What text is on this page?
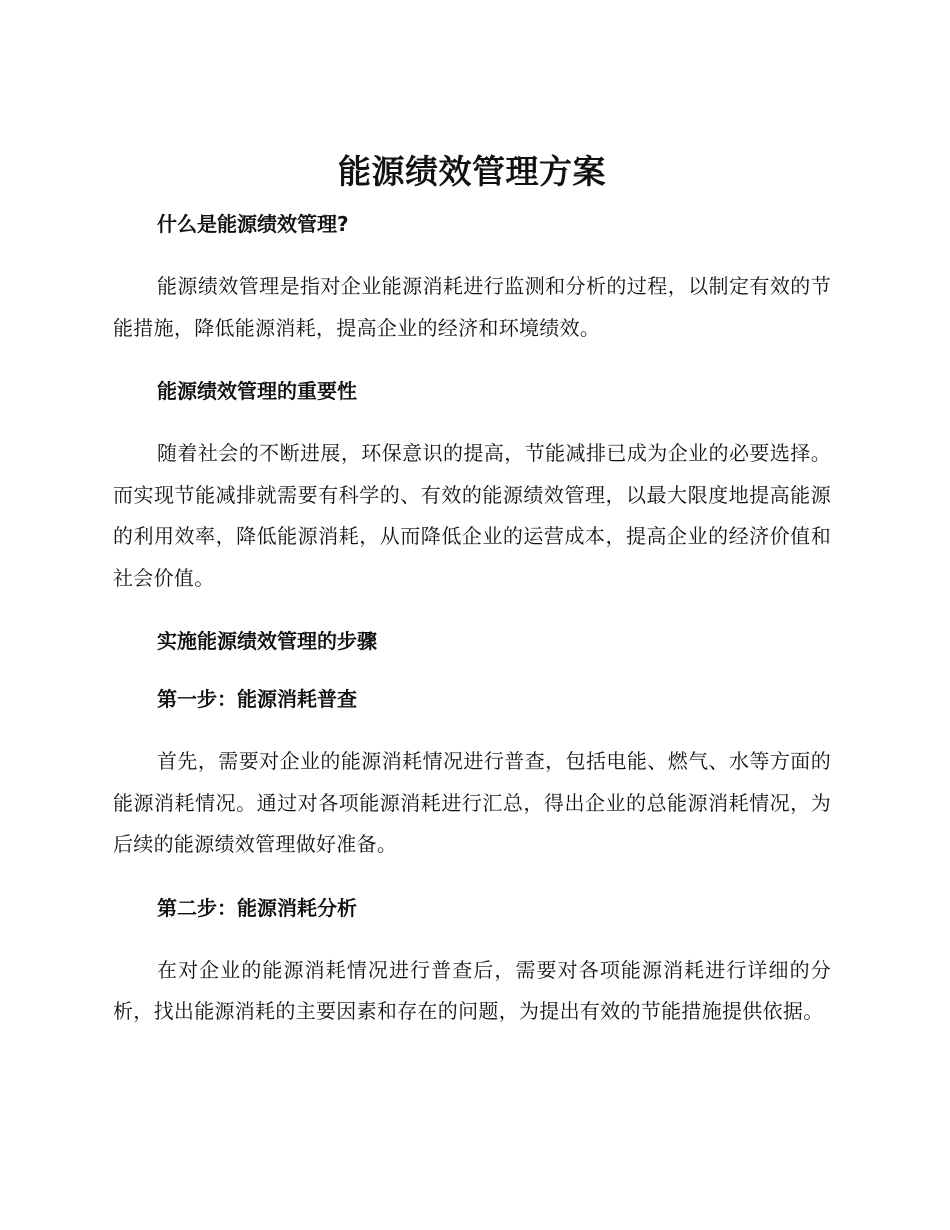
能源绩效管理方案

什么是能源绩效管理?

能源绩效管理是指对企业能源消耗进行监测和分析的过程，以制定有效的节能措施，降低能源消耗，提高企业的经济和环境绩效。

能源绩效管理的重要性

随着社会的不断进展，环保意识的提高，节能减排已成为企业的必要选择。而实现节能减排就需要有科学的、有效的能源绩效管理，以最大限度地提高能源的利用效率，降低能源消耗，从而降低企业的运营成本，提高企业的经济价值和社会价值。

实施能源绩效管理的步骤

第一步：能源消耗普查

首先，需要对企业的能源消耗情况进行普查，包括电能、燃气、水等方面的能源消耗情况。通过对各项能源消耗进行汇总，得出企业的总能源消耗情况，为后续的能源绩效管理做好准备。

第二步：能源消耗分析

在对企业的能源消耗情况进行普查后，需要对各项能源消耗进行详细的分析，找出能源消耗的主要因素和存在的问题，为提出有效的节能措施提供依据。
